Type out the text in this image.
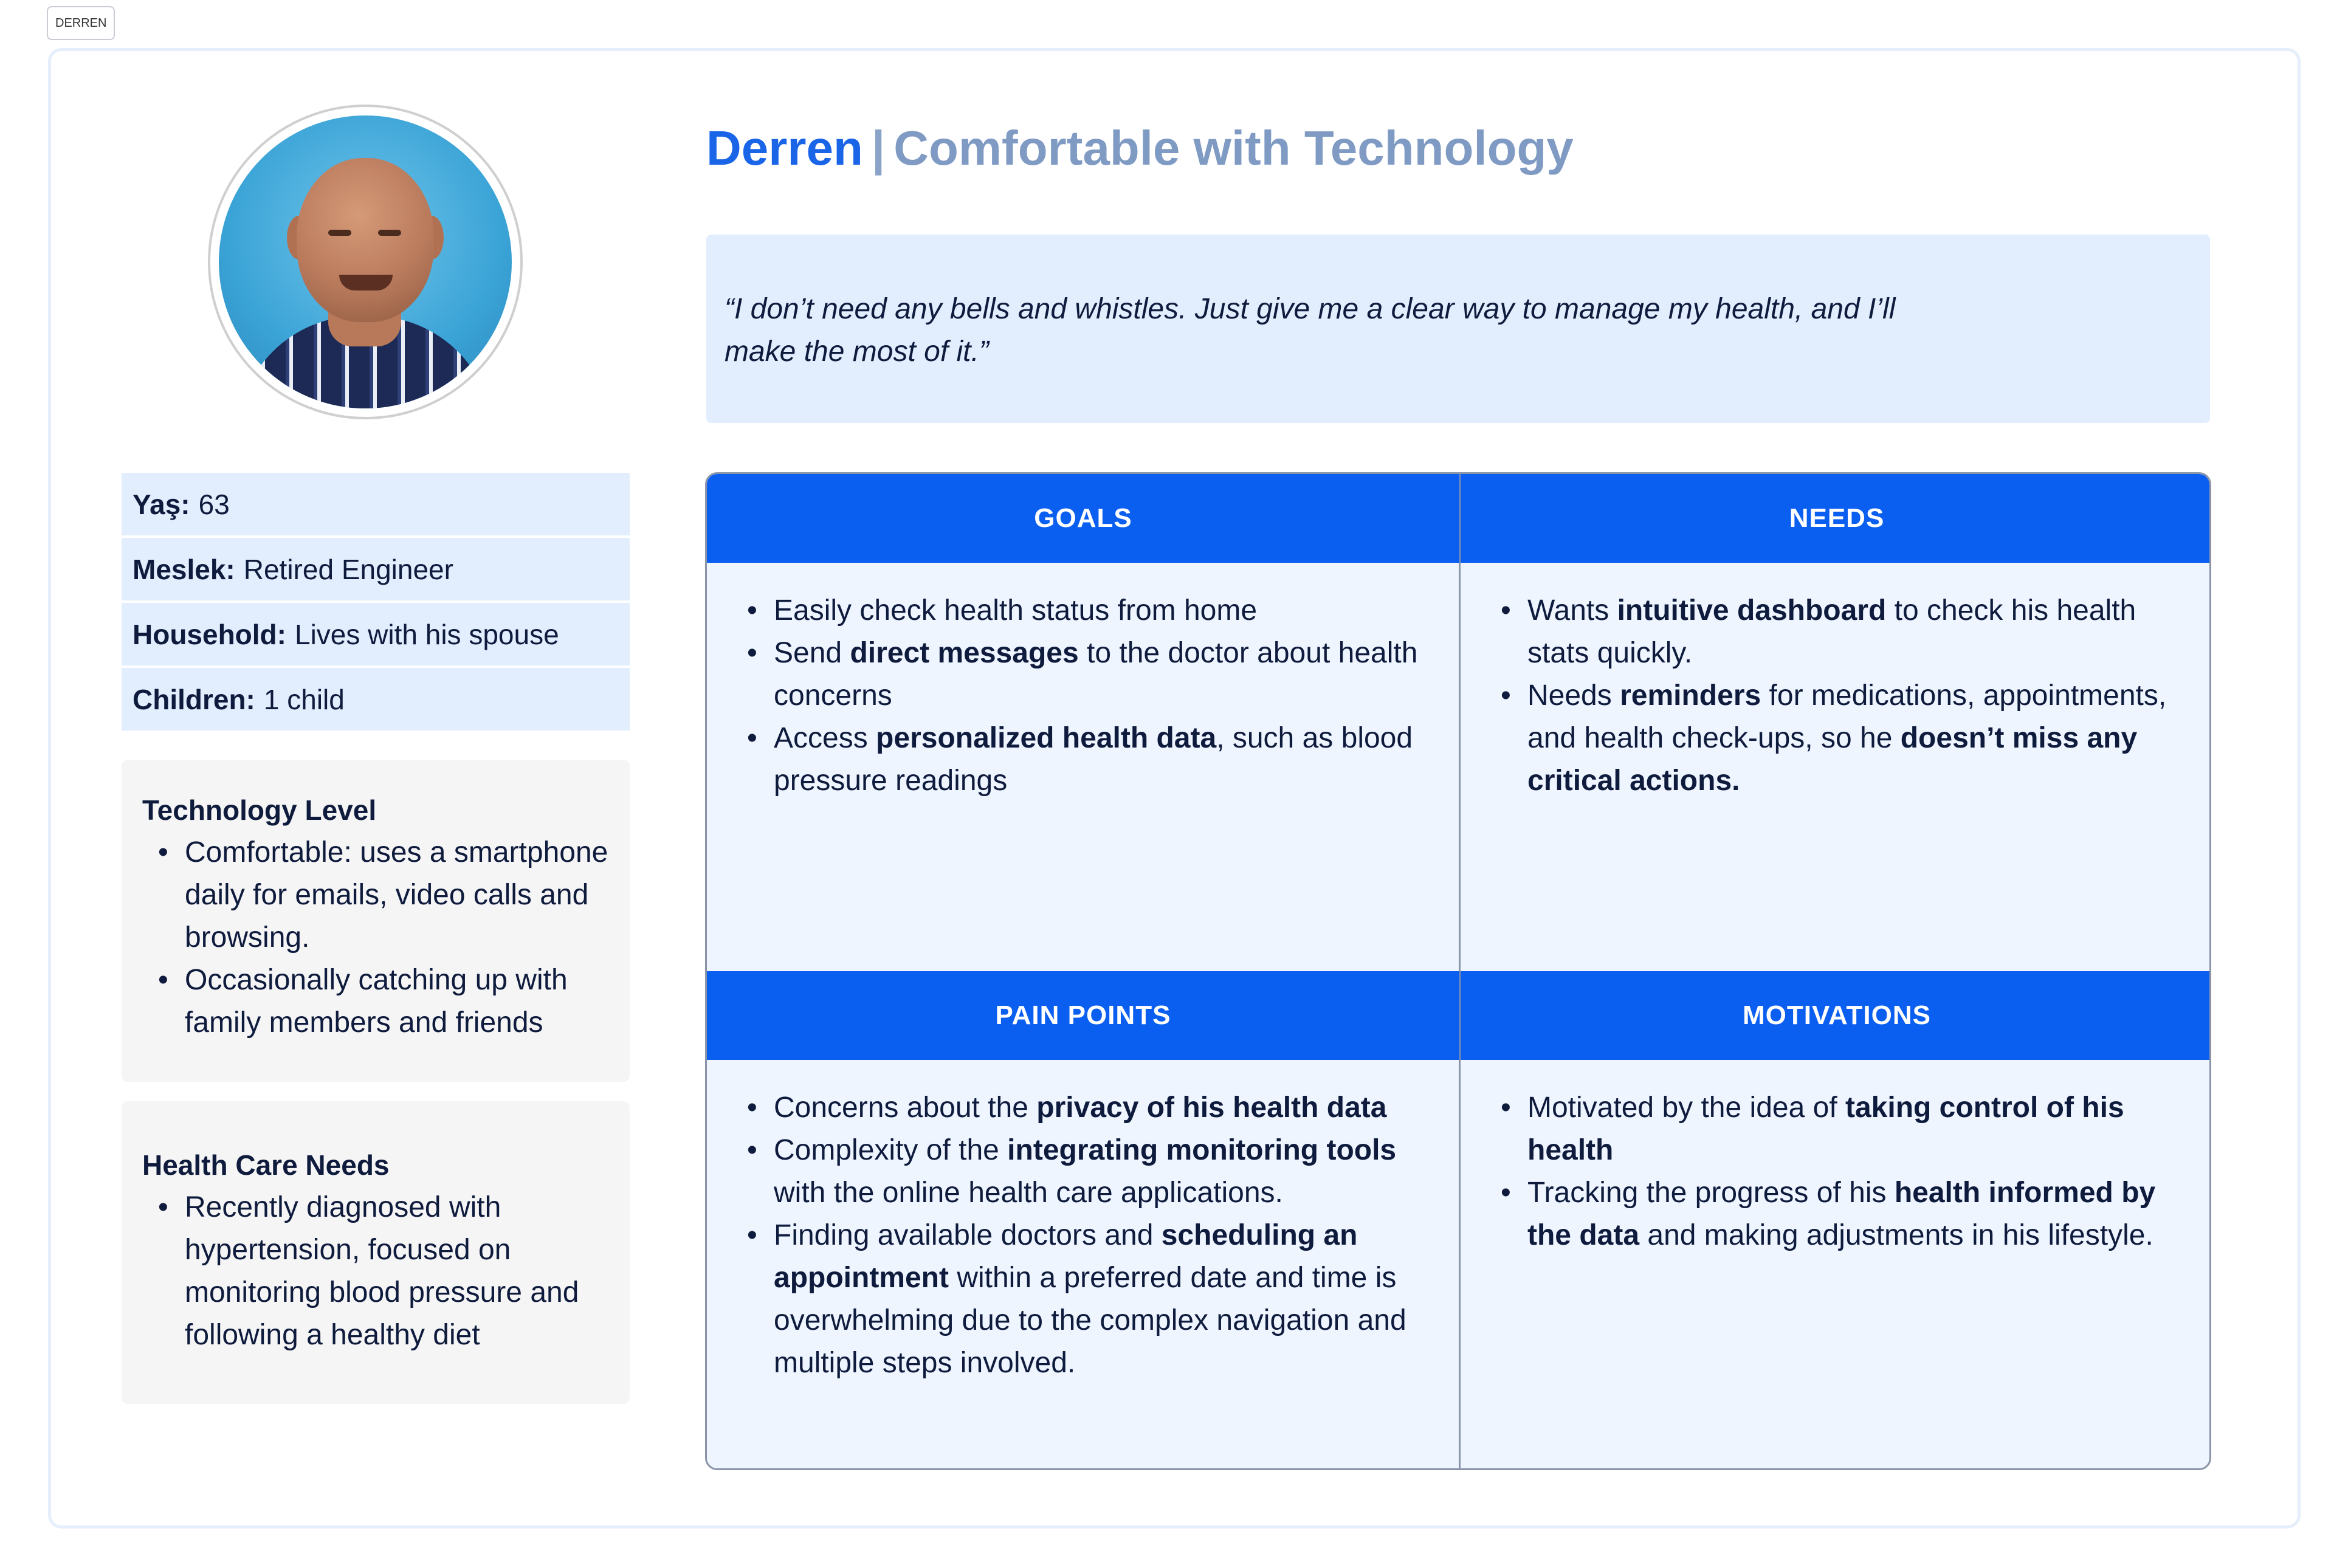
DERREN
Yaş: 63
Meslek: Retired Engineer
Household: Lives with his spouse
Children: 1 child
Technology Level
• Comfortable: uses a smartphone daily for emails, video calls and browsing.
• Occasionally catching up with family members and friends
Health Care Needs
• Recently diagnosed with hypertension, focused on monitoring blood pressure and following a healthy diet
Derren | Comfortable with Technology

“I don’t need any bells and whistles. Just give me a clear way to manage my health, and I’ll make the most of it.”

GOALS
• Easily check health status from home
• Send direct messages to the doctor about health concerns
• Access personalized health data, such as blood pressure readings
NEEDS
• Wants intuitive dashboard to check his health stats quickly.
• Needs reminders for medications, appointments, and health check-ups, so he doesn’t miss any critical actions.
PAIN POINTS
• Concerns about the privacy of his health data
• Complexity of the integrating monitoring tools with the online health care applications.
• Finding available doctors and scheduling an appointment within a preferred date and time is overwhelming due to the complex navigation and multiple steps involved.
MOTIVATIONS
• Motivated by the idea of taking control of his health
• Tracking the progress of his health informed by the data and making adjustments in his lifestyle.
